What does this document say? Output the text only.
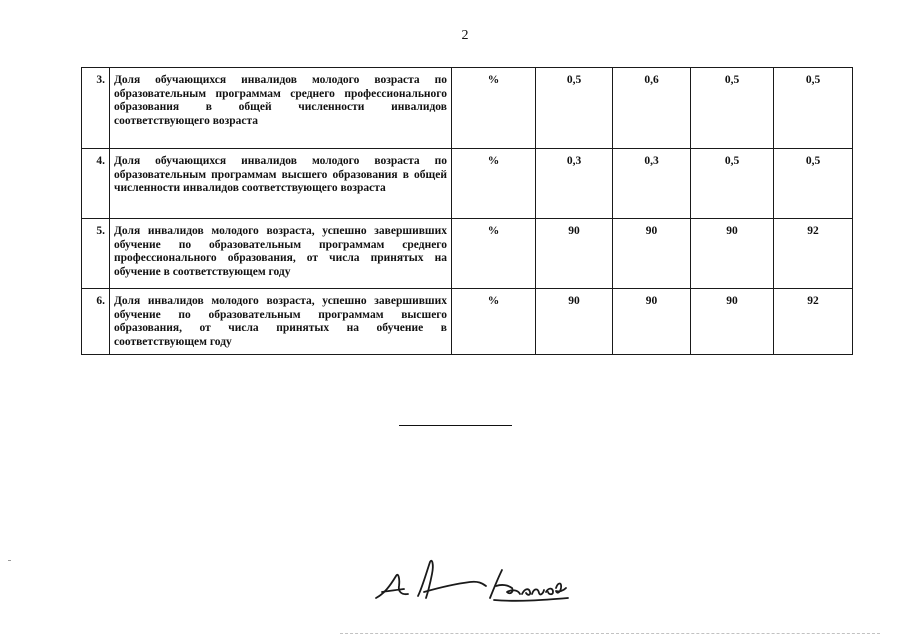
2
3.	Доля обучающихся инвалидов молодого возраста по образовательным программам среднего профессионального образования в общей численности инвалидов соответствующего возраста	%	0,5	0,6	0,5	0,5
4.	Доля обучающихся инвалидов молодого возраста по образовательным программам высшего образования в общей численности инвалидов соответствующего возраста	%	0,3	0,3	0,5	0,5
5.	Доля инвалидов молодого возраста, успешно завершивших обучение по образовательным программам среднего профессионального образования, от числа принятых на обучение в соответствующем году	%	90	90	90	92
6.	Доля инвалидов молодого возраста, успешно завершивших обучение по образовательным программам высшего образования, от числа принятых на обучение в соответствующем году	%	90	90	90	92
